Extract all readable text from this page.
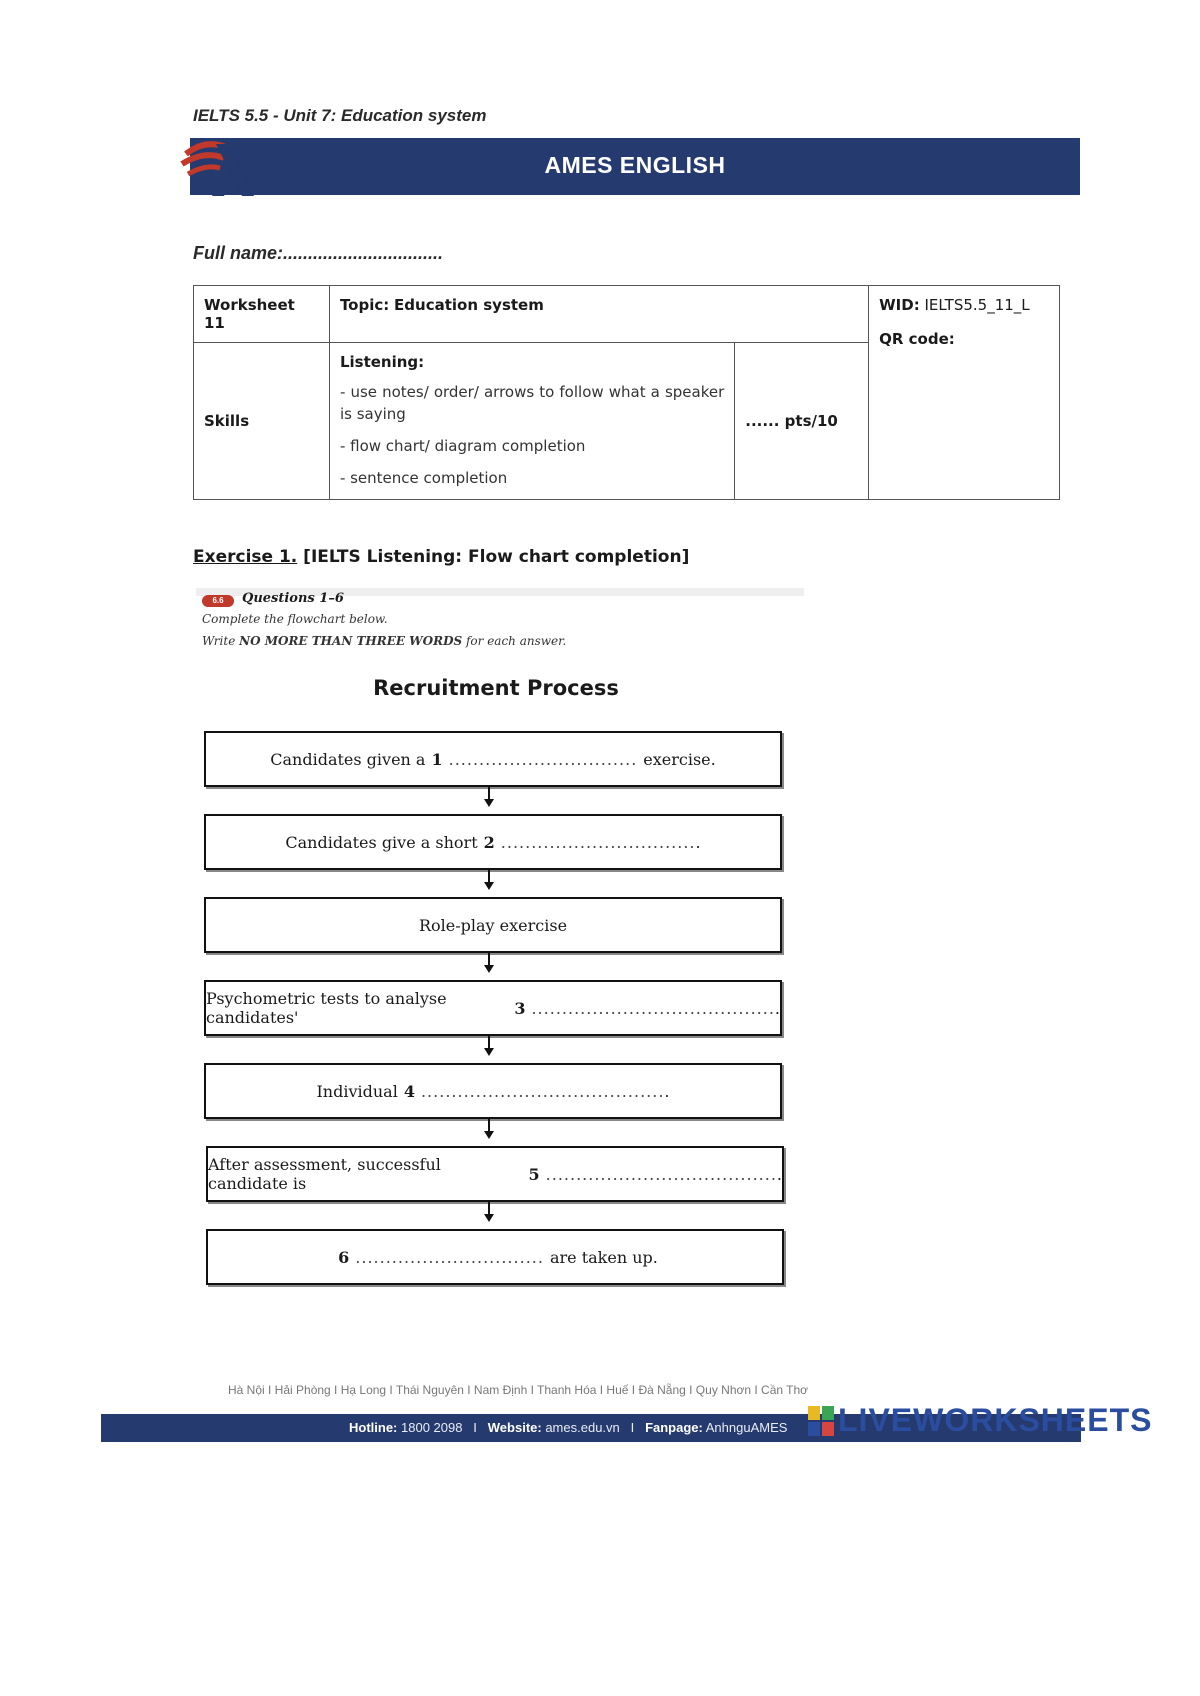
IELTS 5.5 - Unit 7: Education system
AMES ENGLISH
Full name:................................
Worksheet 11	Topic: Education system		WID: IELTS5.5_11_L
QR code:

Skills	Listening:
- use notes/ order/ arrows to follow what a speaker is saying
- flow chart/ diagram completion
- sentence completion	...... pts/10	
Exercise 1. [IELTS Listening: Flow chart completion]
6.6	Questions 1–6
Complete the flowchart below.
Write NO MORE THAN THREE WORDS for each answer.
Recruitment Process
Candidates given a 1 ............................... exercise.
Candidates give a short 2 ................................ .
Role-play exercise
Psychometric tests to analyse candidates'	3 ........................................ .
Individual 4 ........................................ .
After assessment, successful candidate is	5 ...................................... .
6 ............................... are taken up.
Hà Nội I Hải Phòng I Hạ Long I Thái Nguyên I Nam Định I Thanh Hóa I Huế I Đà Nẵng I Quy Nhơn I Cần Thơ
Hotline: 1800 2098   I   Website: ames.edu.vn   I   Fanpage: AnhnguAMES	LIVEWORKSHEETS
